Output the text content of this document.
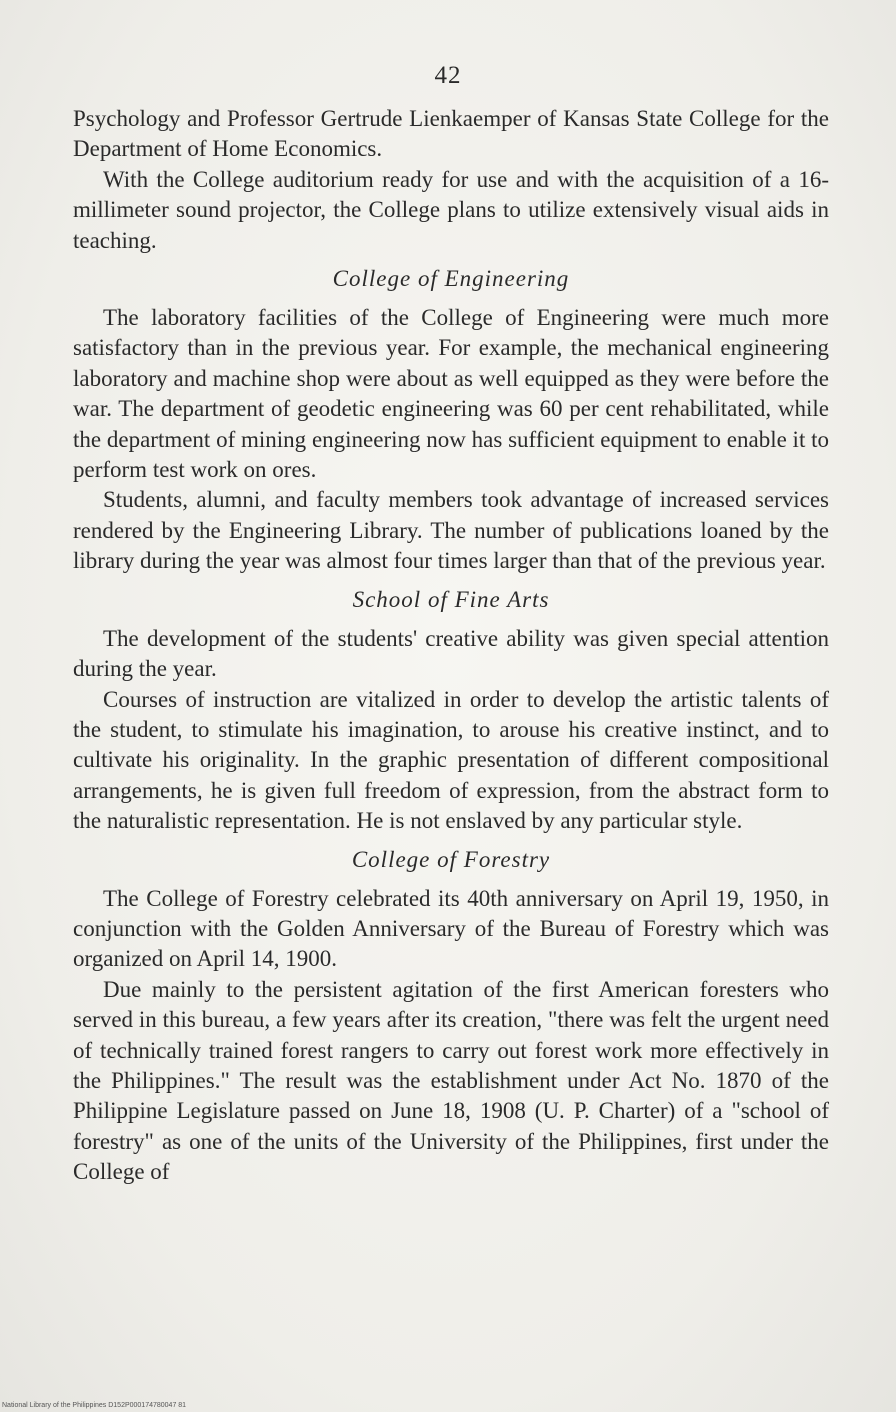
42

Psychology and Professor Gertrude Lienkaemper of Kansas State College for the Department of Home Economics.

With the College auditorium ready for use and with the acquisition of a 16-millimeter sound projector, the College plans to utilize extensively visual aids in teaching.

College of Engineering

The laboratory facilities of the College of Engineering were much more satisfactory than in the previous year. For example, the mechanical engineering laboratory and machine shop were about as well equipped as they were before the war. The department of geodetic engineering was 60 per cent rehabilitated, while the department of mining engineering now has sufficient equipment to enable it to perform test work on ores.

Students, alumni, and faculty members took advantage of increased services rendered by the Engineering Library. The number of publications loaned by the library during the year was almost four times larger than that of the previous year.

School of Fine Arts

The development of the students' creative ability was given special attention during the year.

Courses of instruction are vitalized in order to develop the artistic talents of the student, to stimulate his imagination, to arouse his creative instinct, and to cultivate his originality. In the graphic presentation of different compositional arrangements, he is given full freedom of expression, from the abstract form to the naturalistic representation. He is not enslaved by any particular style.

College of Forestry

The College of Forestry celebrated its 40th anniversary on April 19, 1950, in conjunction with the Golden Anniversary of the Bureau of Forestry which was organized on April 14, 1900.

Due mainly to the persistent agitation of the first American foresters who served in this bureau, a few years after its creation, "there was felt the urgent need of technically trained forest rangers to carry out forest work more effectively in the Philippines." The result was the establishment under Act No. 1870 of the Philippine Legislature passed on June 18, 1908 (U. P. Charter) of a "school of forestry" as one of the units of the University of the Philippines, first under the College of

National Library of the Philippines D152P000174780047 81
